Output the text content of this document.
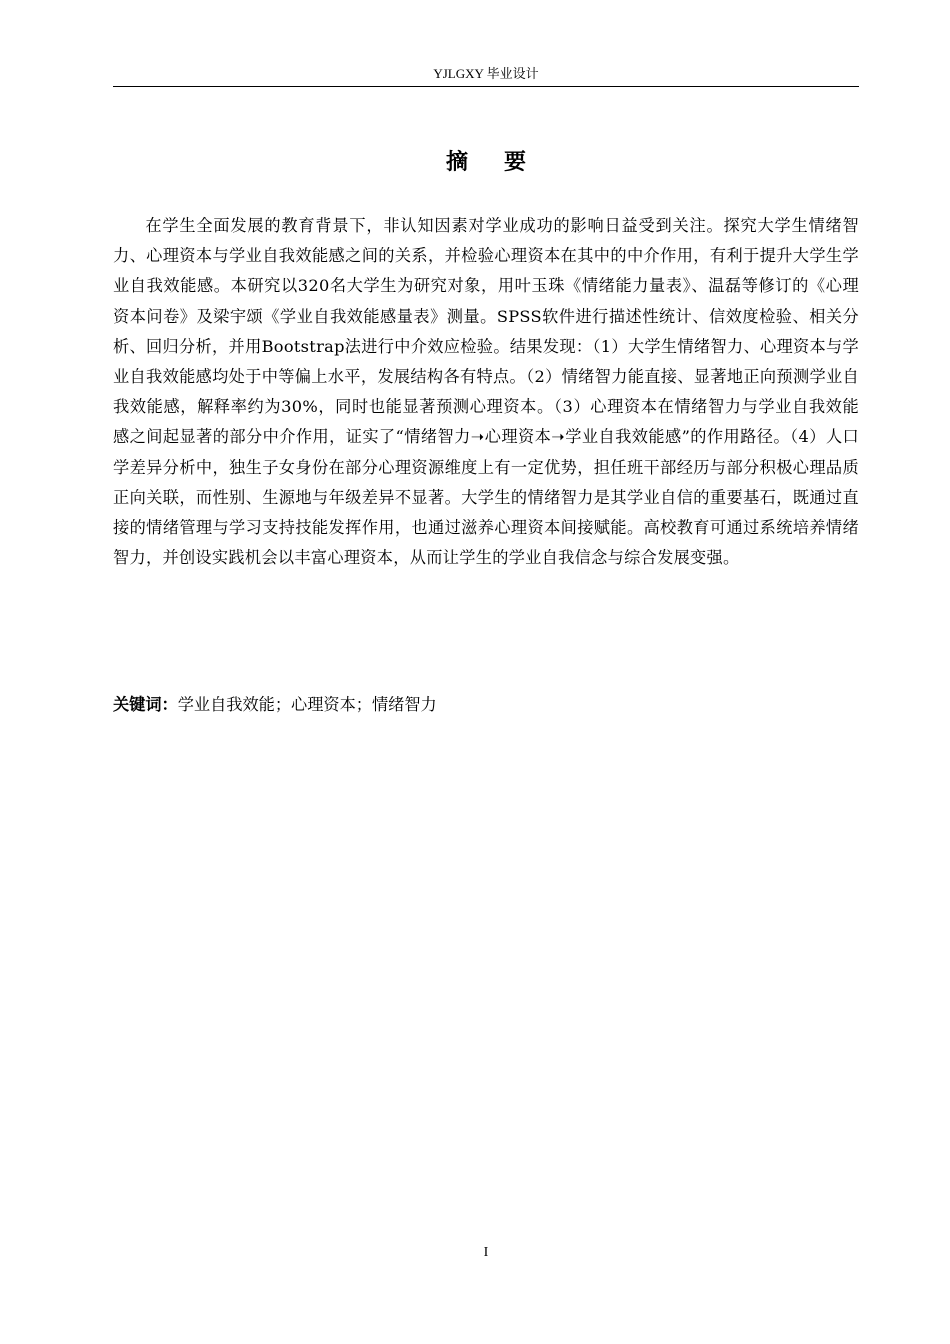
YJLGXY 毕业设计
摘要

在学生全面发展的教育背景下，非认知因素对学业成功的影响日益受到关注。探究大学生情绪智力、心理资本与学业自我效能感之间的关系，并检验心理资本在其中的中介作用，有利于提升大学生学业自我效能感。本研究以320名大学生为研究对象，用叶玉珠《情绪能力量表》、温磊等修订的《心理资本问卷》及梁宇颂《学业自我效能感量表》测量。SPSS软件进行描述性统计、信效度检验、相关分析、回归分析，并用Bootstrap法进行中介效应检验。结果发现：（1）大学生情绪智力、心理资本与学业自我效能感均处于中等偏上水平，发展结构各有特点。（2）情绪智力能直接、显著地正向预测学业自我效能感，解释率约为30%，同时也能显著预测心理资本。（3）心理资本在情绪智力与学业自我效能感之间起显著的部分中介作用，证实了“情绪智力➝心理资本➝学业自我效能感”的作用路径。（4）人口学差异分析中，独生子女身份在部分心理资源维度上有一定优势，担任班干部经历与部分积极心理品质正向关联，而性别、生源地与年级差异不显著。大学生的情绪智力是其学业自信的重要基石，既通过直接的情绪管理与学习支持技能发挥作用，也通过滋养心理资本间接赋能。高校教育可通过系统培养情绪智力，并创设实践机会以丰富心理资本，从而让学生的学业自我信念与综合发展变强。

关键词：学业自我效能；心理资本；情绪智力
I
